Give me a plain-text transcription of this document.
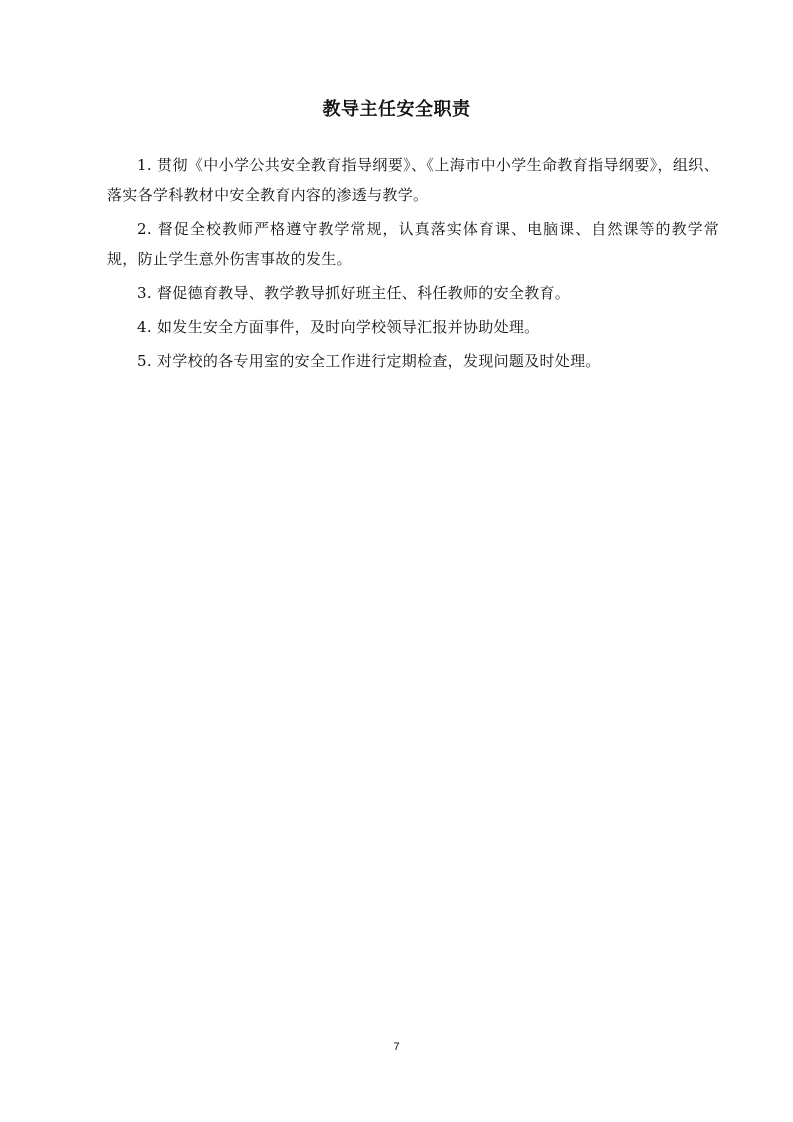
教导主任安全职责

1. 贯彻《中小学公共安全教育指导纲要》、《上海市中小学生命教育指导纲要》，组织、落实各学科教材中安全教育内容的渗透与教学。

2. 督促全校教师严格遵守教学常规，认真落实体育课、电脑课、自然课等的教学常规，防止学生意外伤害事故的发生。

3. 督促德育教导、教学教导抓好班主任、科任教师的安全教育。

4. 如发生安全方面事件，及时向学校领导汇报并协助处理。

5. 对学校的各专用室的安全工作进行定期检查，发现问题及时处理。

7
